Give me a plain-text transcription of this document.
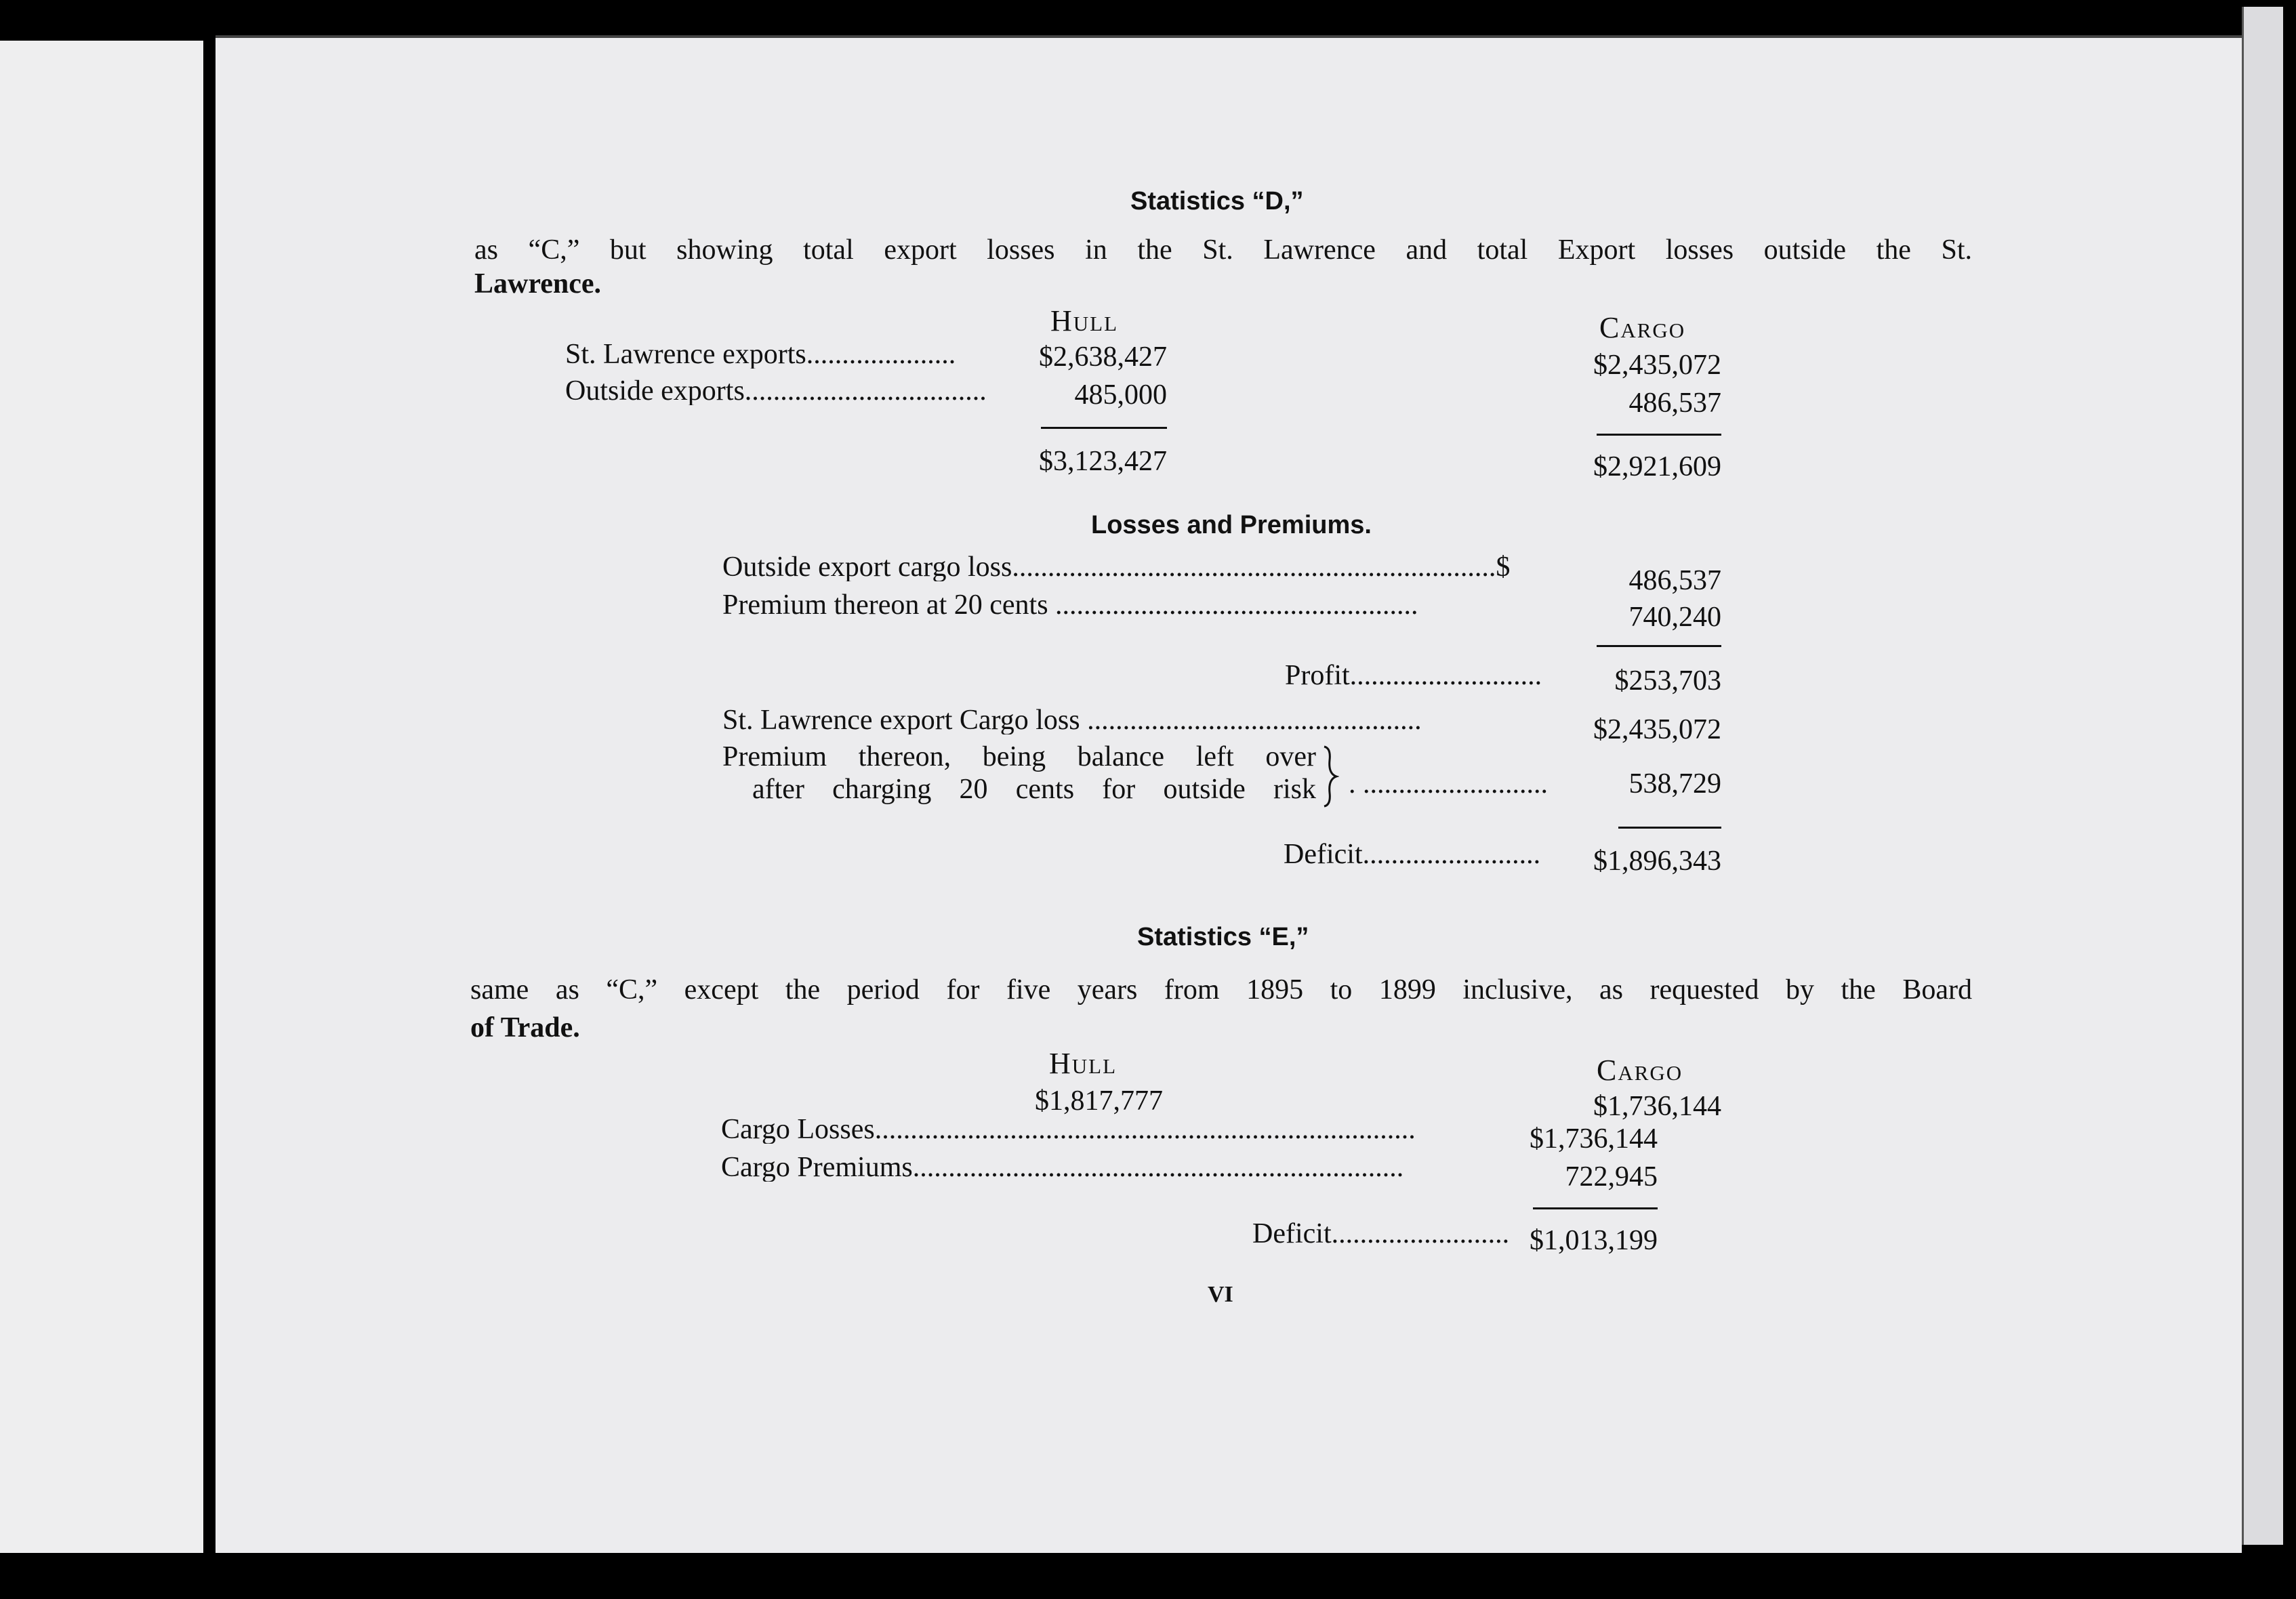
Statistics “D,”
as “C,” but showing total export losses in the St. Lawrence and total Export losses outside the St.
Lawrence.
Hull	Cargo
St. Lawrence exports.....................	$2,638,427	$2,435,072
Outside exports..................................	485,000	486,537
$3,123,427	$2,921,609
Losses and Premiums.
Outside export cargo loss....................................................................$	486,537
Premium thereon at 20 cents ...................................................	740,240
Profit...........................	$253,703
St. Lawrence export Cargo loss ...............................................	$2,435,072
Premium thereon, being balance left over
after charging 20 cents for outside risk . ..........................	538,729
Deficit.........................	$1,896,343
Statistics “E,”
same as “C,” except the period for five years from 1895 to 1899 inclusive, as requested by the Board
of Trade.
Hull	Cargo
$1,817,777	$1,736,144
Cargo Losses............................................................................	$1,736,144
Cargo Premiums.....................................................................	722,945
Deficit......................... $1,013,199
VI
